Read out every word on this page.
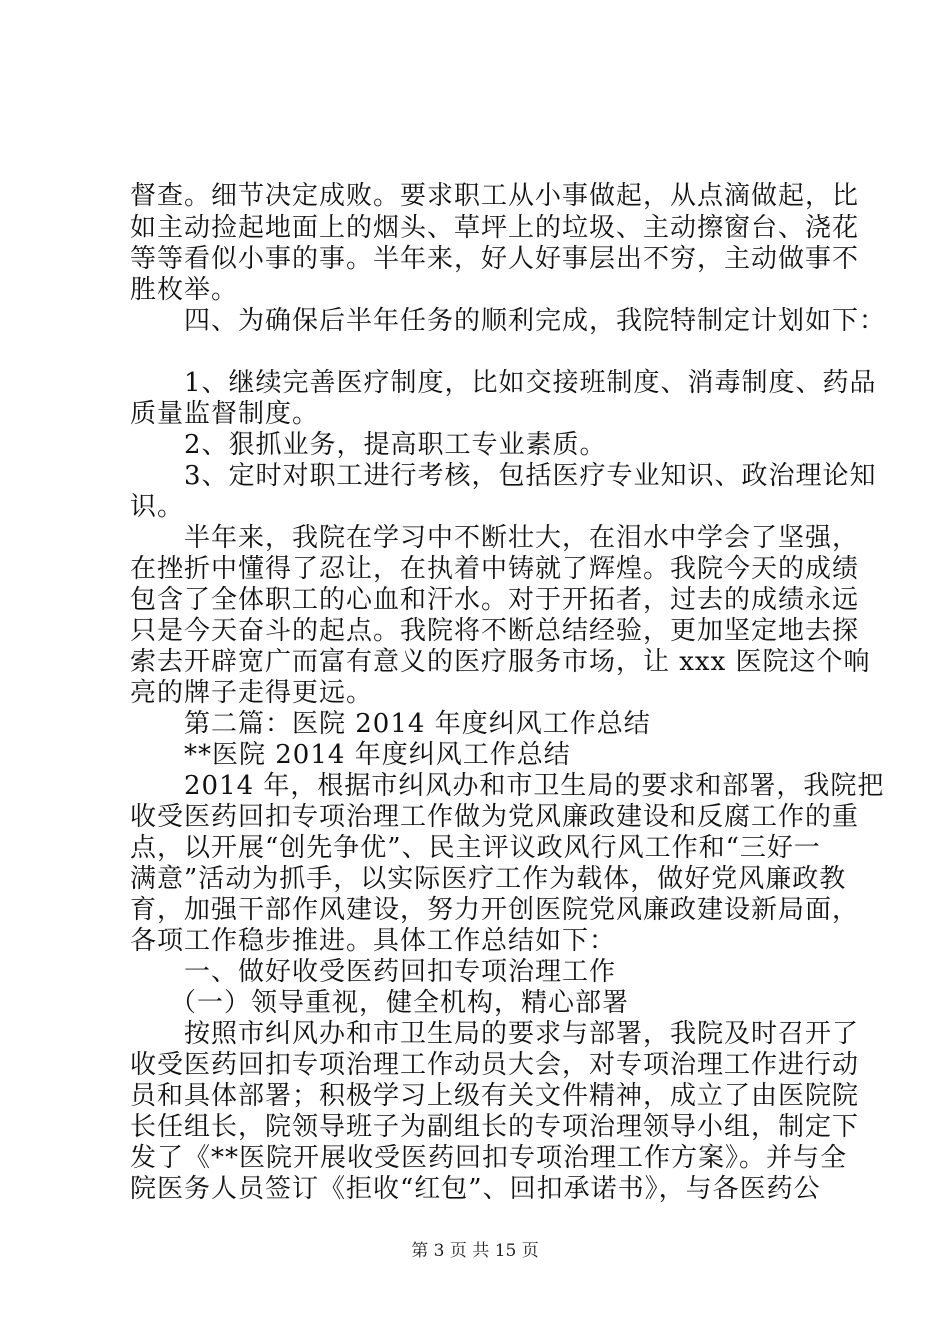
督查。细节决定成败。要求职工从小事做起，从点滴做起，比
如主动捡起地面上的烟头、草坪上的垃圾、主动擦窗台、浇花
等等看似小事的事。半年来，好人好事层出不穷，主动做事不
胜枚举。
四、为确保后半年任务的顺利完成，我院特制定计划如下：
1、继续完善医疗制度，比如交接班制度、消毒制度、药品
质量监督制度。
2、狠抓业务，提高职工专业素质。
3、定时对职工进行考核，包括医疗专业知识、政治理论知
识。
半年来，我院在学习中不断壮大，在泪水中学会了坚强，
在挫折中懂得了忍让，在执着中铸就了辉煌。我院今天的成绩
包含了全体职工的心血和汗水。对于开拓者，过去的成绩永远
只是今天奋斗的起点。我院将不断总结经验，更加坚定地去探
索去开辟宽广而富有意义的医疗服务市场，让 xxx 医院这个响
亮的牌子走得更远。
第二篇：医院 2014 年度纠风工作总结
**医院 2014 年度纠风工作总结
2014 年，根据市纠风办和市卫生局的要求和部署，我院把
收受医药回扣专项治理工作做为党风廉政建设和反腐工作的重
点，以开展“创先争优”、民主评议政风行风工作和“三好一
满意”活动为抓手，以实际医疗工作为载体，做好党风廉政教
育，加强干部作风建设，努力开创医院党风廉政建设新局面，
各项工作稳步推进。具体工作总结如下：
一、做好收受医药回扣专项治理工作
（一）领导重视，健全机构，精心部署
按照市纠风办和市卫生局的要求与部署，我院及时召开了
收受医药回扣专项治理工作动员大会，对专项治理工作进行动
员和具体部署；积极学习上级有关文件精神，成立了由医院院
长任组长，院领导班子为副组长的专项治理领导小组，制定下
发了《**医院开展收受医药回扣专项治理工作方案》。并与全
院医务人员签订《拒收“红包”、回扣承诺书》，与各医药公
第 3 页 共 15 页
